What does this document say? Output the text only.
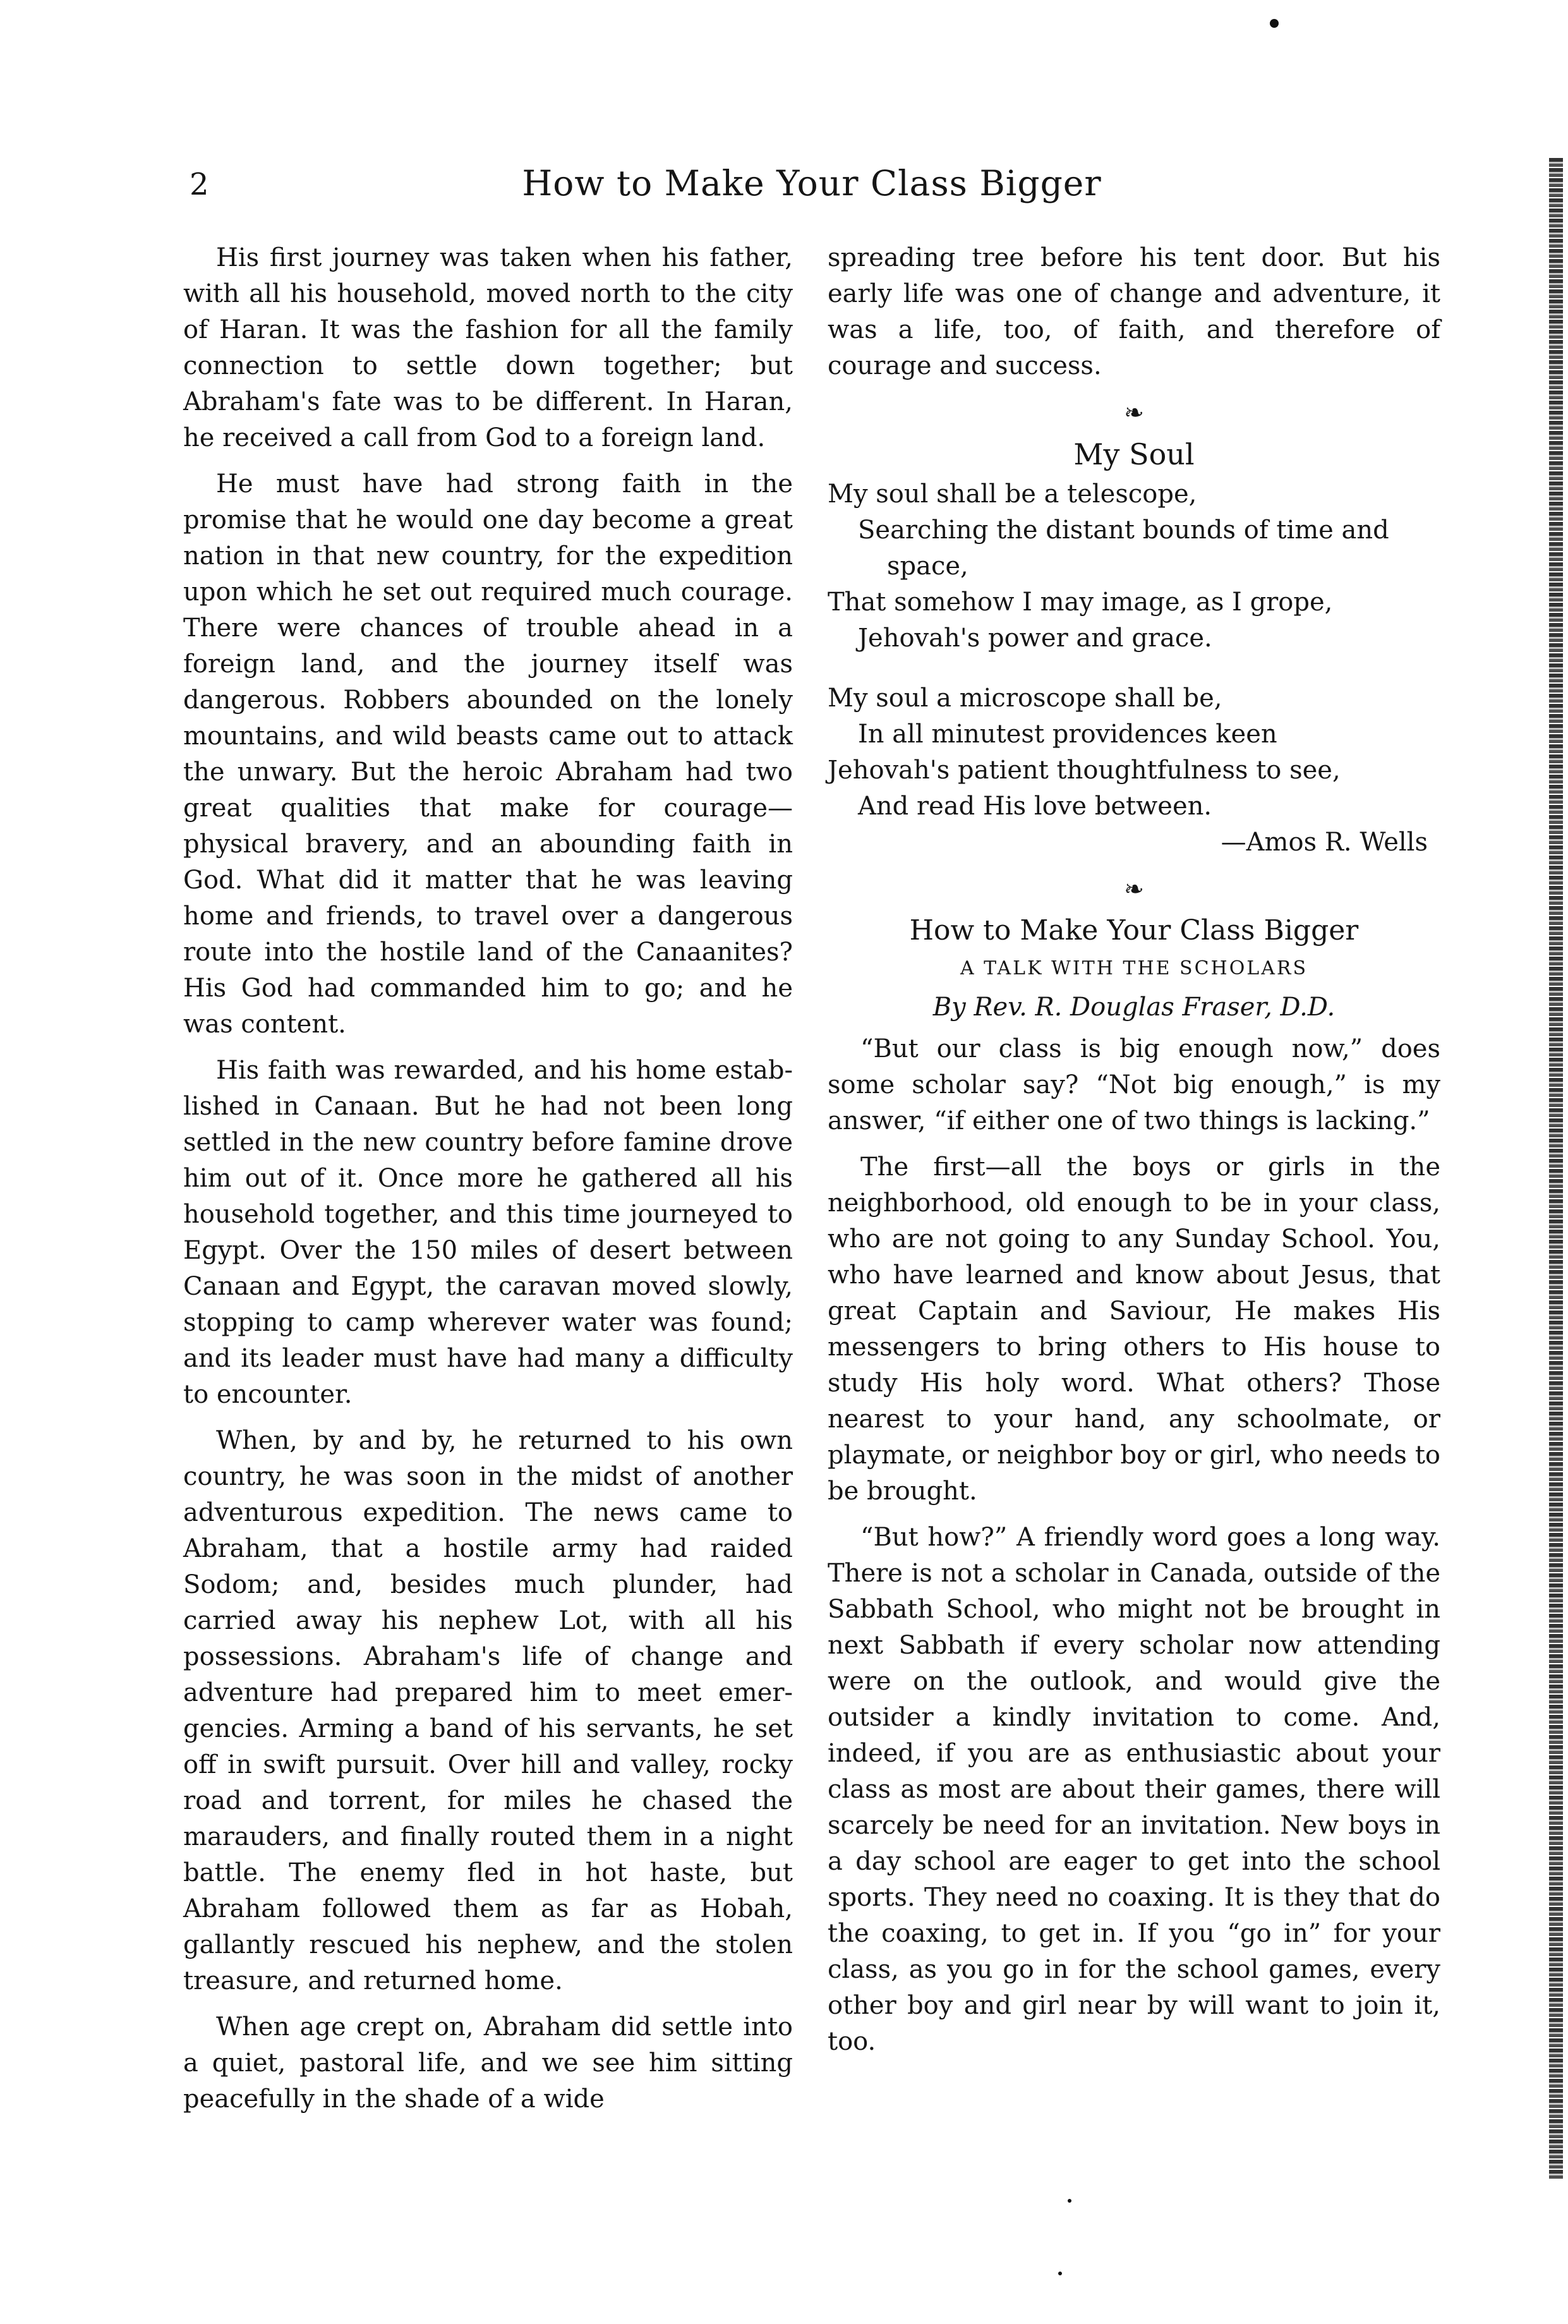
2	How to Make Your Class Bigger

His first journey was taken when his father, with all his household, moved north to the city of Haran. It was the fashion for all the family connection to settle down together; but Abraham's fate was to be different. In Haran, he received a call from God to a foreign land.

He must have had strong faith in the promise that he would one day become a great nation in that new country, for the expedition upon which he set out required much courage. There were chances of trouble ahead in a foreign land, and the journey itself was dangerous. Robbers abounded on the lonely mountains, and wild beasts came out to attack the unwary. But the heroic Abraham had two great qualities that make for courage—physical bravery, and an abounding faith in God. What did it matter that he was leaving home and friends, to travel over a dangerous route into the hostile land of the Canaanites? His God had commanded him to go; and he was content.

His faith was rewarded, and his home established in Canaan. But he had not been long settled in the new country before famine drove him out of it. Once more he gathered all his household together, and this time journeyed to Egypt. Over the 150 miles of desert between Canaan and Egypt, the caravan moved slowly, stopping to camp wherever water was found; and its leader must have had many a difficulty to encounter.

When, by and by, he returned to his own country, he was soon in the midst of another adventurous expedition. The news came to Abraham, that a hostile army had raided Sodom; and, besides much plunder, had carried away his nephew Lot, with all his possessions. Abraham's life of change and adventure had prepared him to meet emergencies. Arming a band of his servants, he set off in swift pursuit. Over hill and valley, rocky road and torrent, for miles he chased the marauders, and finally routed them in a night battle. The enemy fled in hot haste, but Abraham followed them as far as Hobah, gallantly rescued his nephew, and the stolen treasure, and returned home.

When age crept on, Abraham did settle into a quiet, pastoral life, and we see him sitting peacefully in the shade of a wide

spreading tree before his tent door. But his early life was one of change and adventure, it was a life, too, of faith, and therefore of courage and success.

❧
My Soul
My soul shall be a telescope,
Searching the distant bounds of time and
space,
That somehow I may image, as I grope,
Jehovah's power and grace.
My soul a microscope shall be,
In all minutest providences keen
Jehovah's patient thoughtfulness to see,
And read His love between.
—Amos R. Wells
❧
How to Make Your Class Bigger
A TALK WITH THE SCHOLARS
By Rev. R. Douglas Fraser, D.D.

“But our class is big enough now,” does some scholar say? “Not big enough,” is my answer, “if either one of two things is lacking.”

The first—all the boys or girls in the neighborhood, old enough to be in your class, who are not going to any Sunday School. You, who have learned and know about Jesus, that great Captain and Saviour, He makes His messengers to bring others to His house to study His holy word. What others? Those nearest to your hand, any schoolmate, or playmate, or neighbor boy or girl, who needs to be brought.

“But how?” A friendly word goes a long way. There is not a scholar in Canada, outside of the Sabbath School, who might not be brought in next Sabbath if every scholar now attending were on the outlook, and would give the outsider a kindly invitation to come. And, indeed, if you are as enthusiastic about your class as most are about their games, there will scarcely be need for an invitation. New boys in a day school are eager to get into the school sports. They need no coaxing. It is they that do the coaxing, to get in. If you “go in” for your class, as you go in for the school games, every other boy and girl near by will want to join it, too.
